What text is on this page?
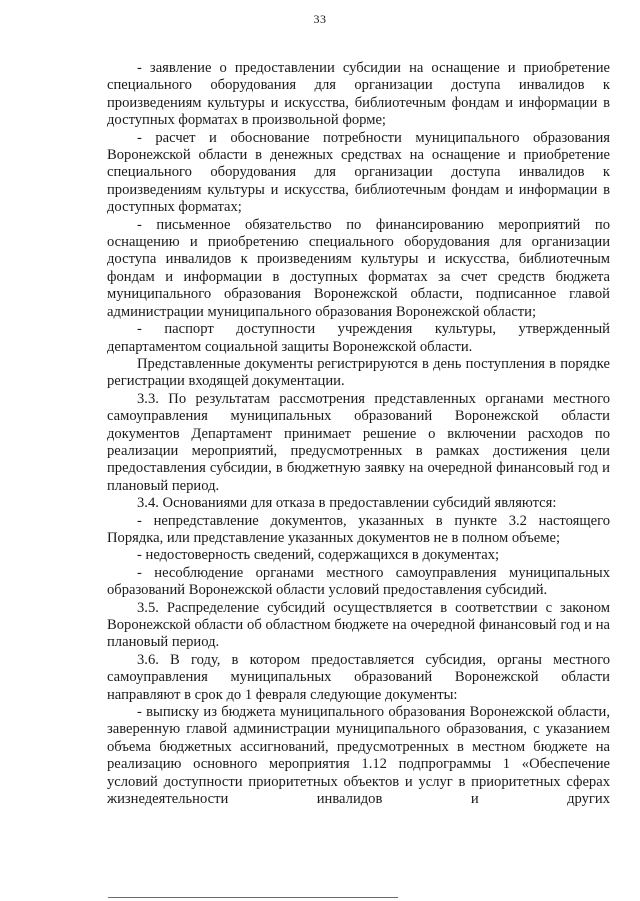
33

- заявление о предоставлении субсидии на оснащение и приобретение специального оборудования для организации доступа инвалидов к произведениям культуры и искусства, библиотечным фондам и информации в доступных форматах в произвольной форме;

- расчет и обоснование потребности муниципального образования Воронежской области в денежных средствах на оснащение и приобретение специального оборудования для организации доступа инвалидов к произведениям культуры и искусства, библиотечным фондам и информации в доступных форматах;

- письменное обязательство по финансированию мероприятий по оснащению и приобретению специального оборудования для организации доступа инвалидов к произведениям культуры и искусства, библиотечным фондам и информации в доступных форматах за счет средств бюджета муниципального образования Воронежской области, подписанное главой администрации муниципального образования Воронежской области;

- паспорт доступности учреждения культуры, утвержденный департаментом социальной защиты Воронежской области.

Представленные документы регистрируются в день поступления в порядке регистрации входящей документации.

3.3. По результатам рассмотрения представленных органами местного самоуправления муниципальных образований Воронежской области документов Департамент принимает решение о включении расходов по реализации мероприятий, предусмотренных в рамках достижения цели предоставления субсидии, в бюджетную заявку на очередной финансовый год и плановый период.

3.4. Основаниями для отказа в предоставлении субсидий являются:

- непредставление документов, указанных в пункте 3.2 настоящего Порядка, или представление указанных документов не в полном объеме;

- недостоверность сведений, содержащихся в документах;

- несоблюдение органами местного самоуправления муниципальных образований Воронежской области условий предоставления субсидий.

3.5. Распределение субсидий осуществляется в соответствии с законом Воронежской области об областном бюджете на очередной финансовый год и на плановый период.

3.6. В году, в котором предоставляется субсидия, органы местного самоуправления муниципальных образований Воронежской области направляют в срок до 1 февраля следующие документы:

- выписку из бюджета муниципального образования Воронежской области, заверенную главой администрации муниципального образования, с указанием объема бюджетных ассигнований, предусмотренных в местном бюджете на реализацию основного мероприятия 1.12 подпрограммы 1 «Обеспечение условий доступности приоритетных объектов и услуг в приоритетных сферах жизнедеятельности инвалидов и других
